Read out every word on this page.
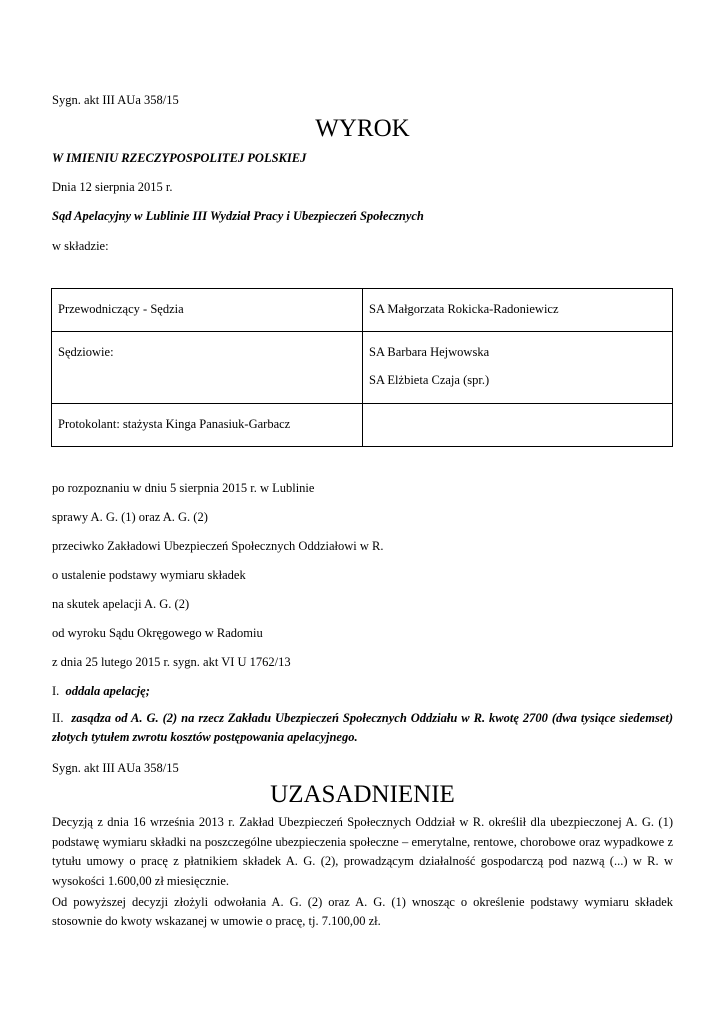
Sygn. akt III AUa 358/15
WYROK
W IMIENIU RZECZYPOSPOLITEJ POLSKIEJ
Dnia 12 sierpnia 2015 r.
Sąd Apelacyjny w Lublinie III Wydział Pracy i Ubezpieczeń Społecznych
w składzie:
Przewodniczący - Sędzia	SA Małgorzata Rokicka-Radoniewicz
Sędziowie:	SA Barbara Hejwowska
SA Elżbieta Czaja (spr.)

Protokolant: stażysta Kinga Panasiuk-Garbacz	
po rozpoznaniu w dniu 5 sierpnia 2015 r. w Lublinie
sprawy A. G. (1) oraz A. G. (2)
przeciwko Zakładowi Ubezpieczeń Społecznych Oddziałowi w R.
o ustalenie podstawy wymiaru składek
na skutek apelacji A. G. (2)
od wyroku Sądu Okręgowego w Radomiu
z dnia 25 lutego 2015 r. sygn. akt VI U 1762/13
I. oddala apelację;
II. zasądza od A. G. (2) na rzecz Zakładu Ubezpieczeń Społecznych Oddziału w R. kwotę 2700 (dwa tysiące siedemset) złotych tytułem zwrotu kosztów postępowania apelacyjnego.
Sygn. akt III AUa 358/15
UZASADNIENIE
Decyzją z dnia 16 września 2013 r. Zakład Ubezpieczeń Społecznych Oddział w R. określił dla ubezpieczonej A. G. (1) podstawę wymiaru składki na poszczególne ubezpieczenia społeczne – emerytalne, rentowe, chorobowe oraz wypadkowe z tytułu umowy o pracę z płatnikiem składek A. G. (2), prowadzącym działalność gospodarczą pod nazwą (...) w R. w wysokości 1.600,00 zł miesięcznie.
Od powyższej decyzji złożyli odwołania A. G. (2) oraz A. G. (1) wnosząc o określenie podstawy wymiaru składek stosownie do kwoty wskazanej w umowie o pracę, tj. 7.100,00 zł.
